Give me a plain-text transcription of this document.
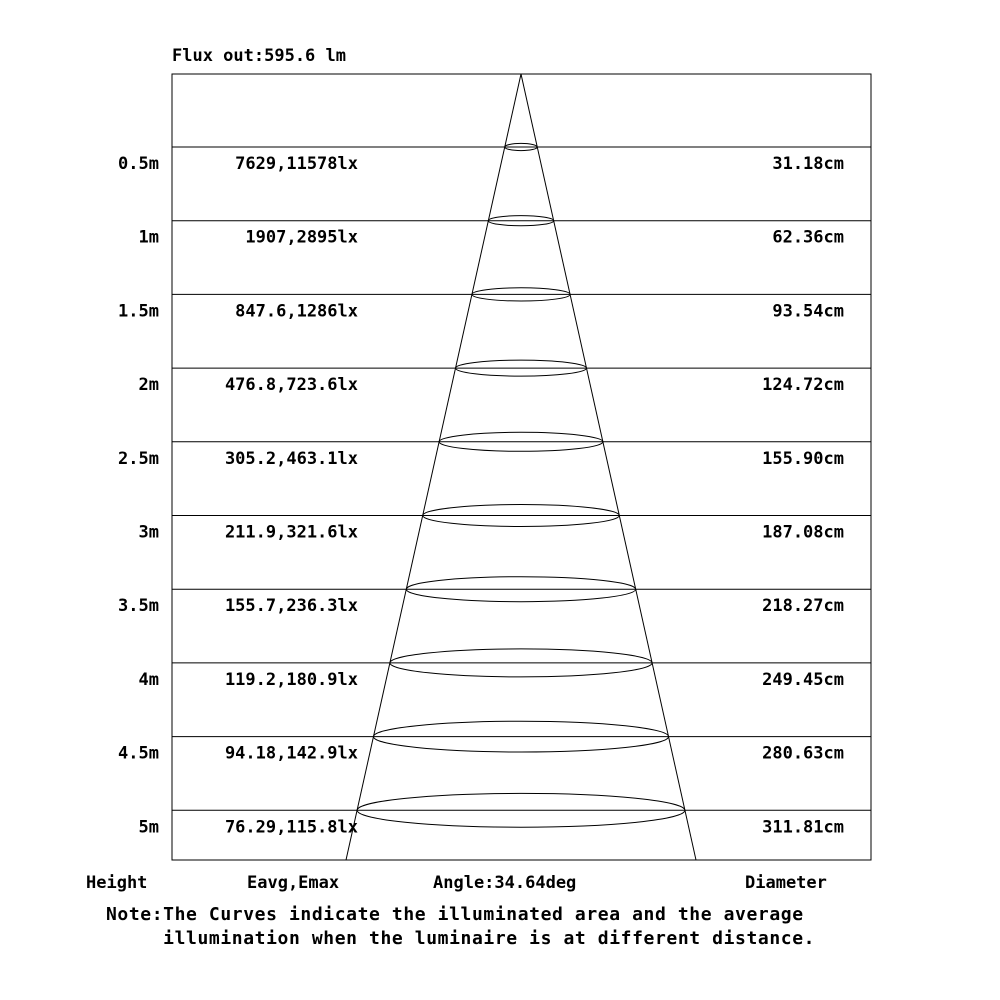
Flux out:595.6 lm
0.5m	7629,11578lx	31.18cm
1m	1907,2895lx	62.36cm
1.5m	847.6,1286lx	93.54cm
2m	476.8,723.6lx	124.72cm
2.5m	305.2,463.1lx	155.90cm
3m	211.9,321.6lx	187.08cm
3.5m	155.7,236.3lx	218.27cm
4m	119.2,180.9lx	249.45cm
4.5m	94.18,142.9lx	280.63cm
5m	76.29,115.8lx	311.81cm
Height	Eavg,Emax	Angle:34.64deg	Diameter
Note:The Curves indicate the illuminated area and the average
illumination when the luminaire is at different distance.
